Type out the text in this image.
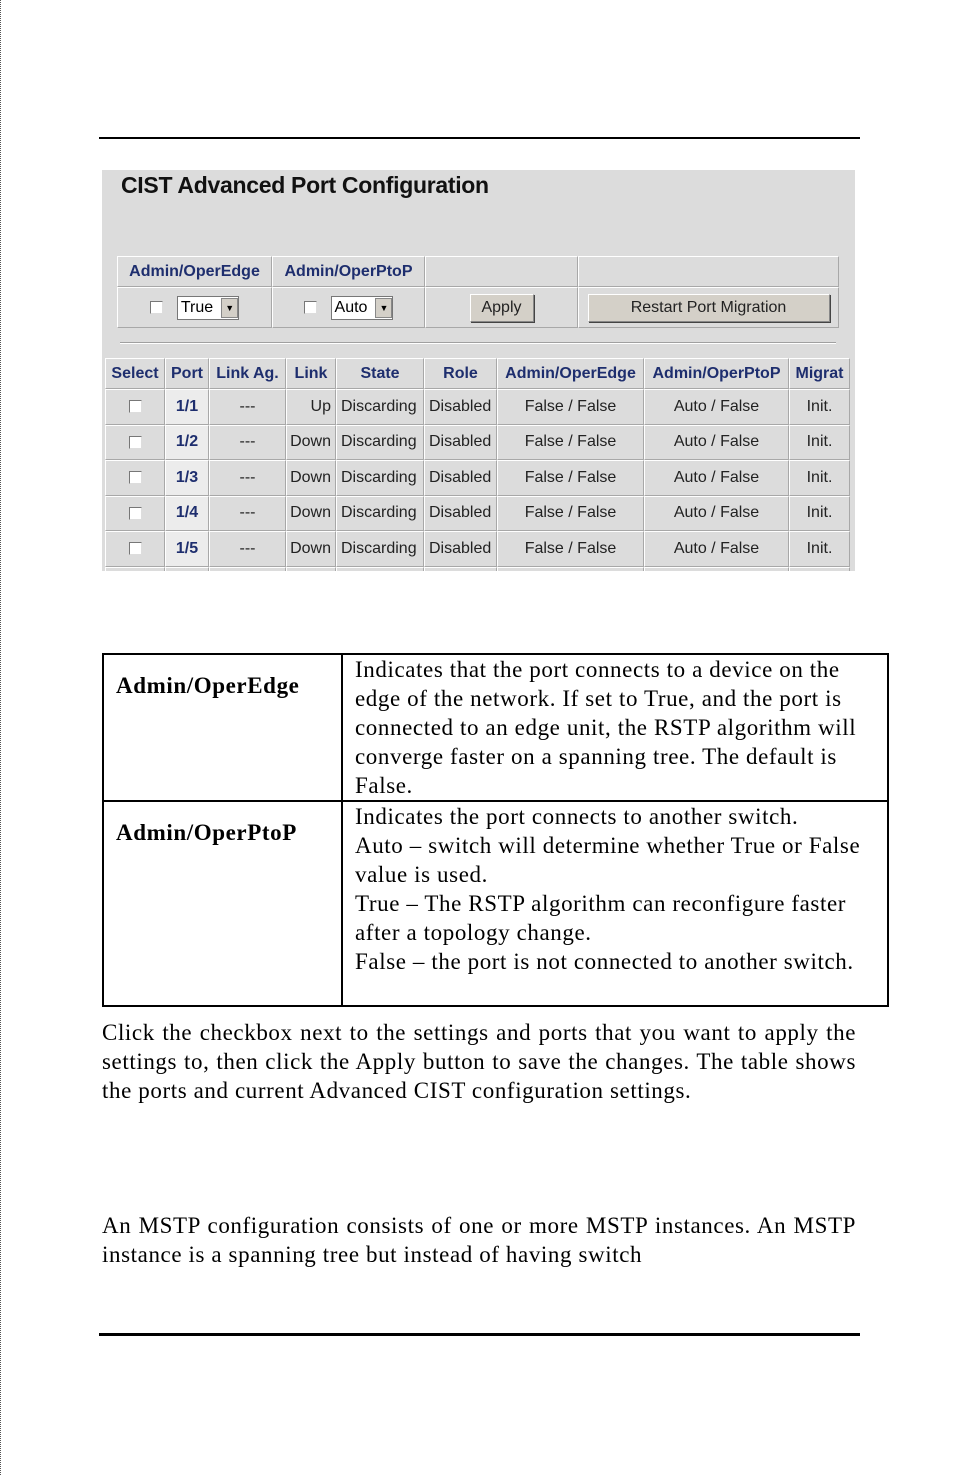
CIST Advanced Port Configuration
Admin/OperEdge	Admin/OperPtoP		

True ▼	Auto ▼	Apply	Restart Port Migration
Select	Port	Link Ag.	Link	State	Role	Admin/OperEdge	Admin/OperPtoP	Migrat
	1/1	---	Up	Discarding	Disabled	False / False	Auto / False	Init.
	1/2	---	Down	Discarding	Disabled	False / False	Auto / False	Init.
	1/3	---	Down	Discarding	Disabled	False / False	Auto / False	Init.
	1/4	---	Down	Discarding	Disabled	False / False	Auto / False	Init.
	1/5	---	Down	Discarding	Disabled	False / False	Auto / False	Init.

Admin/OperEdge	Indicates that the port connects to a device on the edge of the network. If set to True, and the port is connected to an edge unit, the RSTP algorithm will converge faster on a spanning tree. The default is False.
Admin/OperPtoP	Indicates the port connects to another switch.
Auto – switch will determine whether True or False value is used.
True – The RSTP algorithm can reconfigure faster after a topology change.
False – the port is not connected to another switch.
Click the checkbox next to the settings and ports that you want to apply the settings to, then click the Apply button to save the changes. The table shows the ports and current Advanced CIST configuration settings.
An MSTP configuration consists of one or more MSTP instances. An MSTP instance is a spanning tree but instead of having switch
